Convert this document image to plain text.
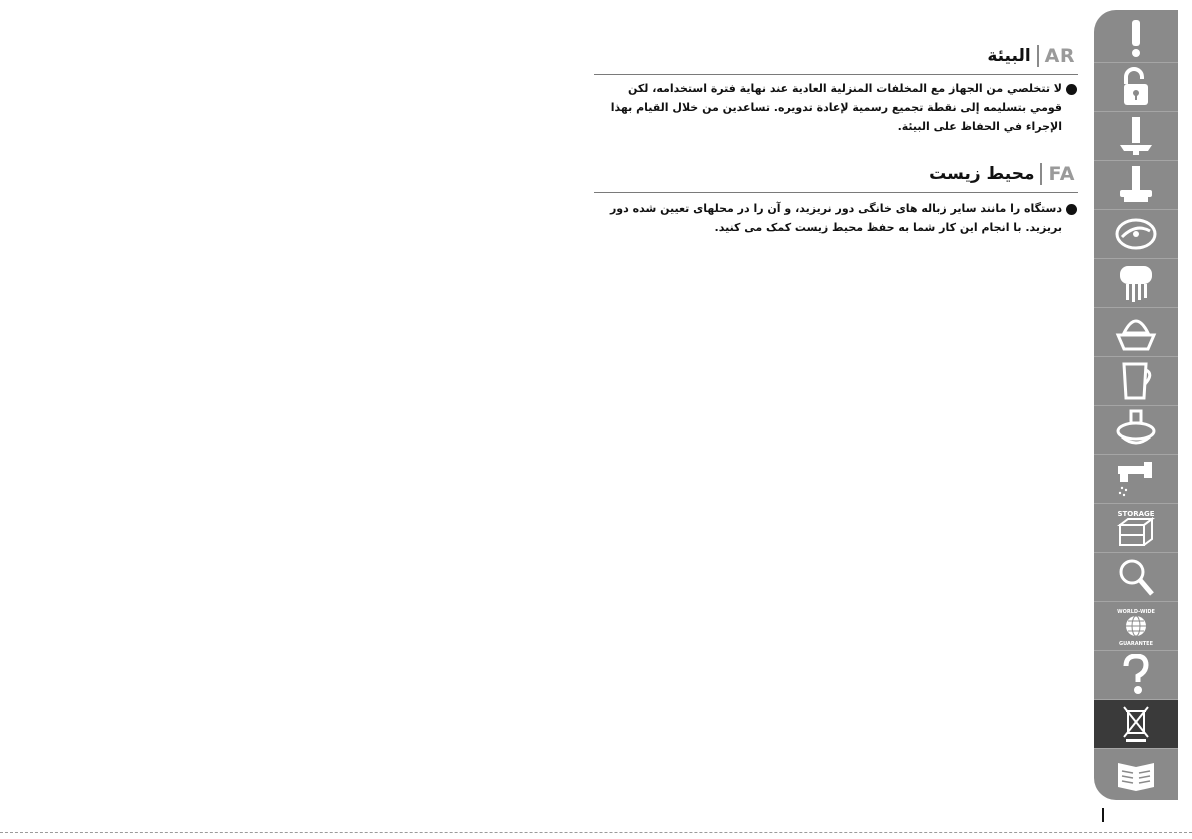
البيئة AR
لا تتخلصي من الجهاز مع المخلفات المنزلية العادية عند نهاية فترة استخدامه، لكن قومي بتسليمه إلى نقطة تجميع رسمية لإعادة تدويره. تساعدين من خلال القيام بهذا الإجراء في الحفاظ على البيئة.
محیط زیست FA
دستگاه را مانند سایر زباله های خانگی دور نریزید، و آن را در محلهای تعیین شده دور بریزید. با انجام این کار شما به حفظ محیط زیست کمک می کنید.
STORAGE
WORLD-WIDE
GUARANTEE
